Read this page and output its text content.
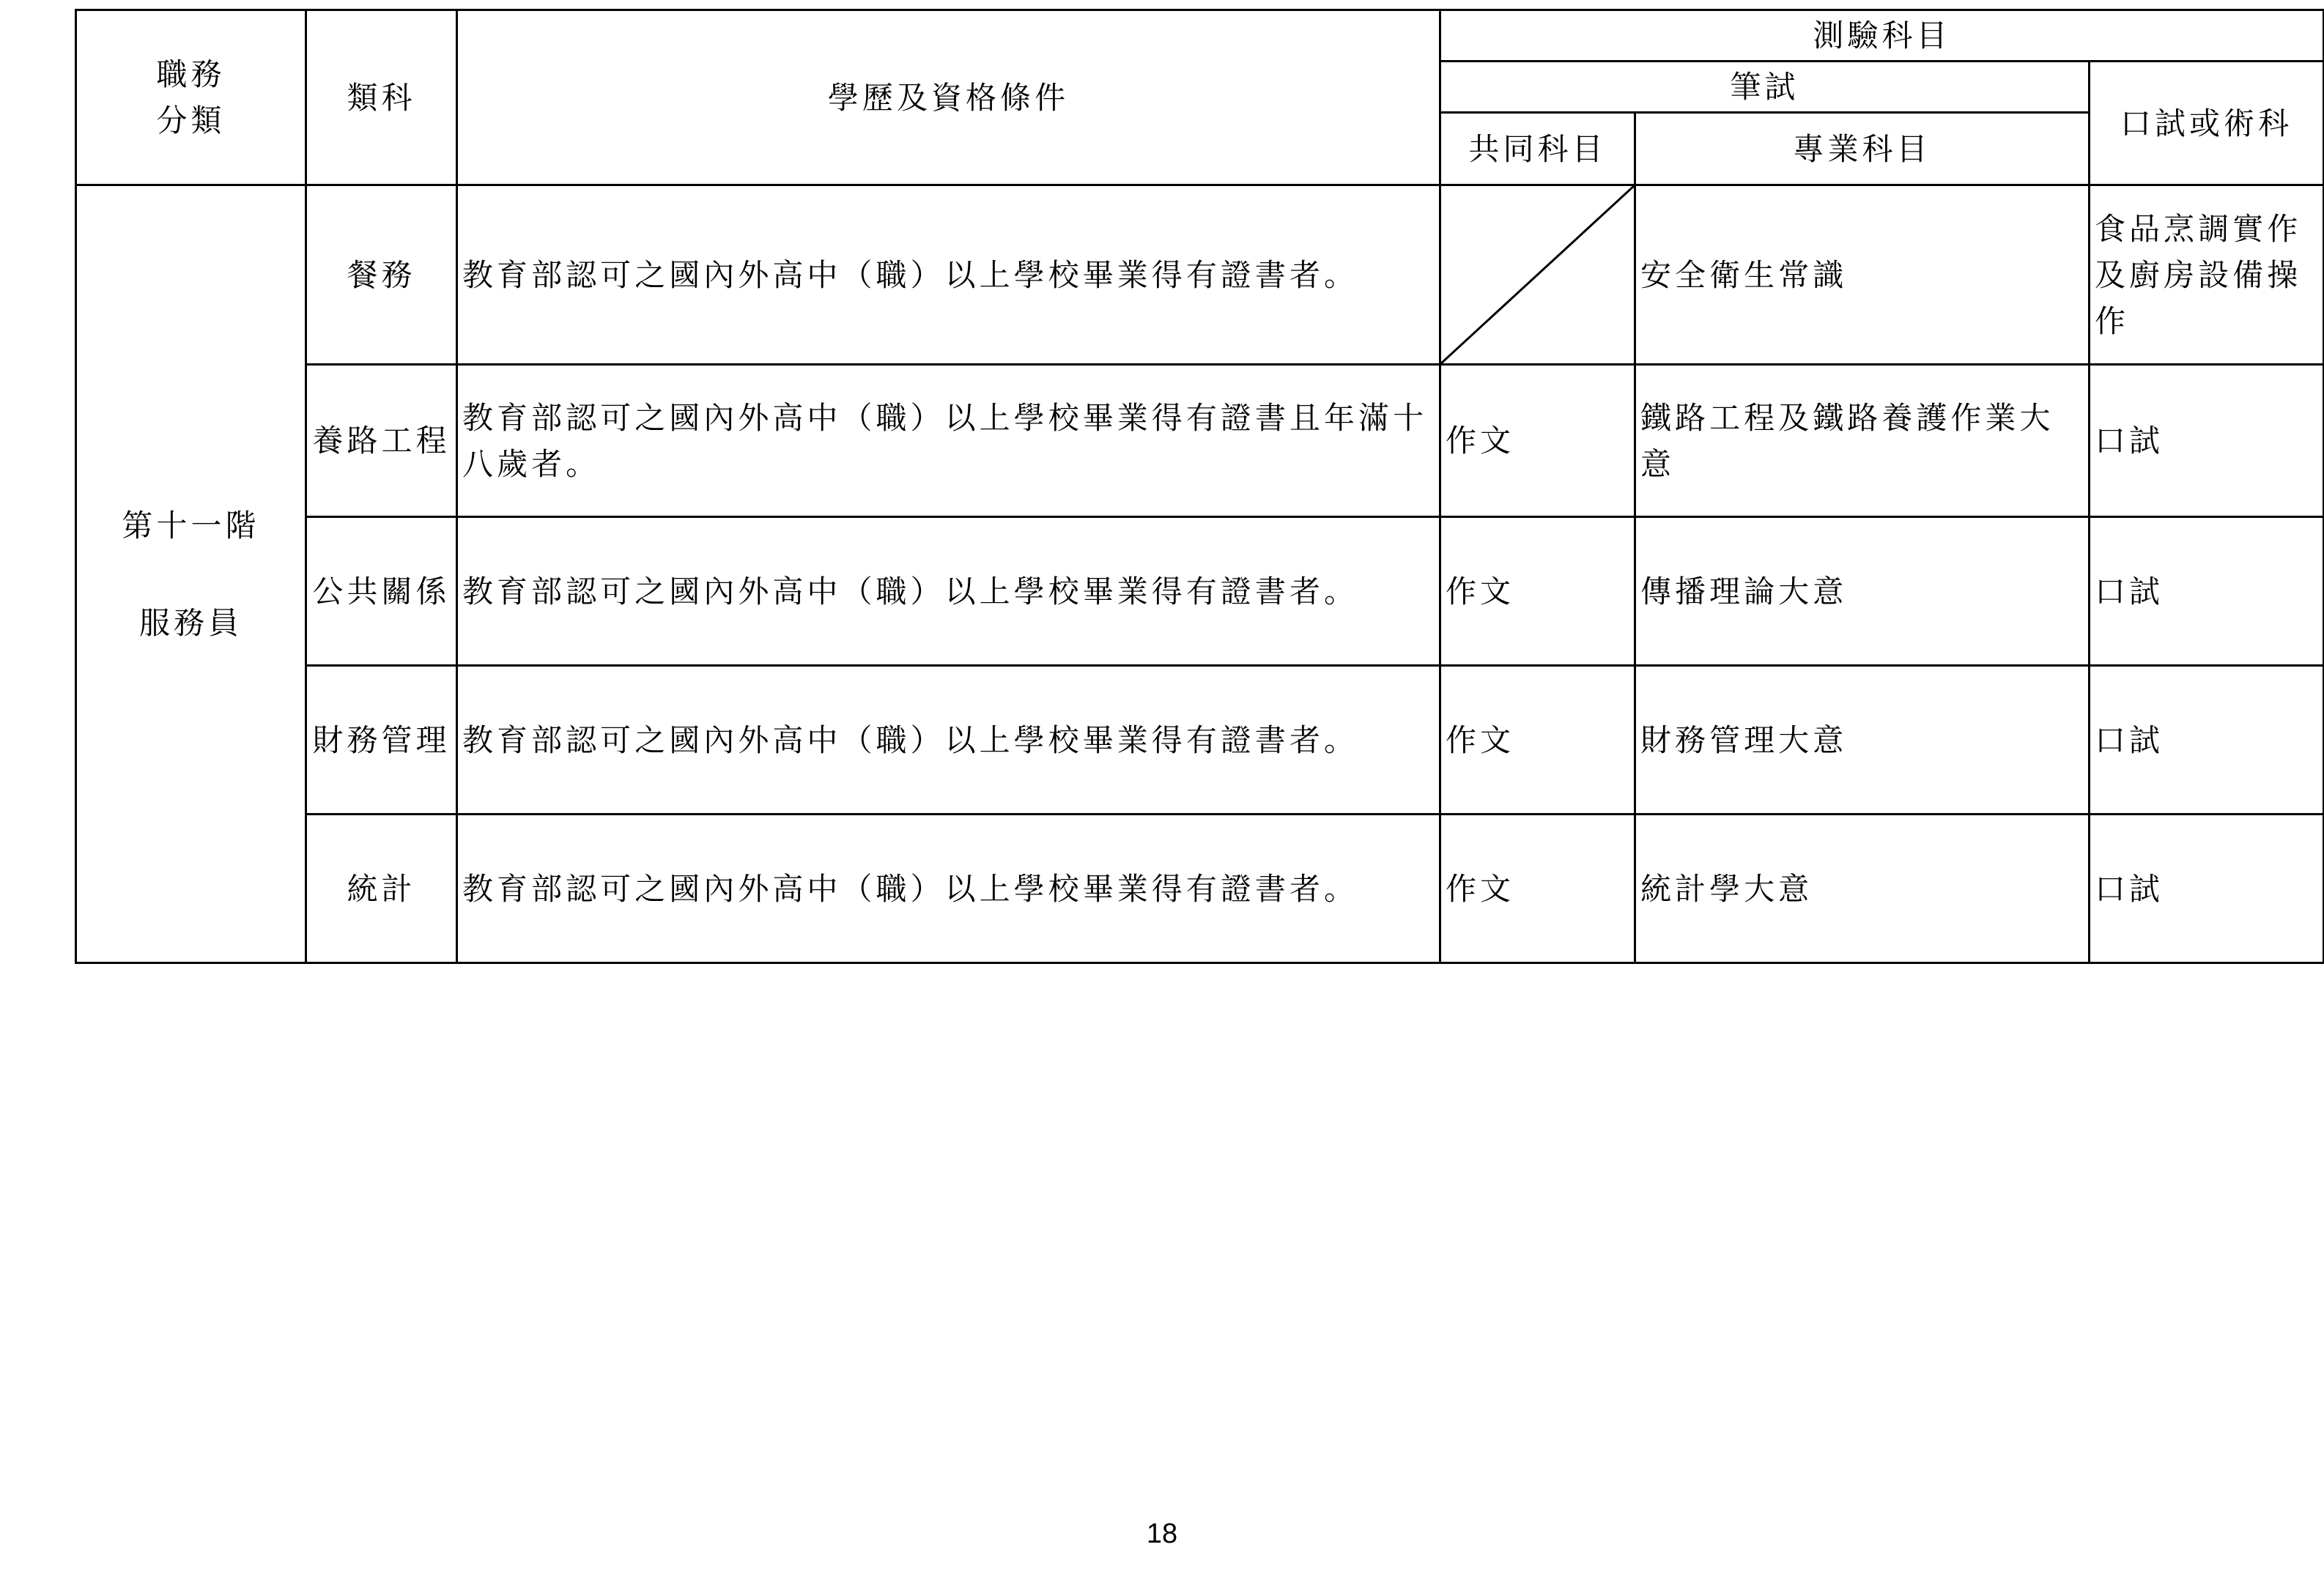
職務
分類	類科	學歷及資格條件	測驗科目		
			筆試		口試或術科
			共同科目	專業科目	

第十一階
服務員	餐務	教育部認可之國內外高中（職）以上學校畢業得有證書者。		安全衛生常識	食品烹調實作及廚房設備操作
	養路工程	教育部認可之國內外高中（職）以上學校畢業得有證書且年滿十八歲者。	作文	鐵路工程及鐵路養護作業大意	口試
	公共關係	教育部認可之國內外高中（職）以上學校畢業得有證書者。	作文	傳播理論大意	口試
	財務管理	教育部認可之國內外高中（職）以上學校畢業得有證書者。	作文	財務管理大意	口試
	統計	教育部認可之國內外高中（職）以上學校畢業得有證書者。	作文	統計學大意	口試
18
